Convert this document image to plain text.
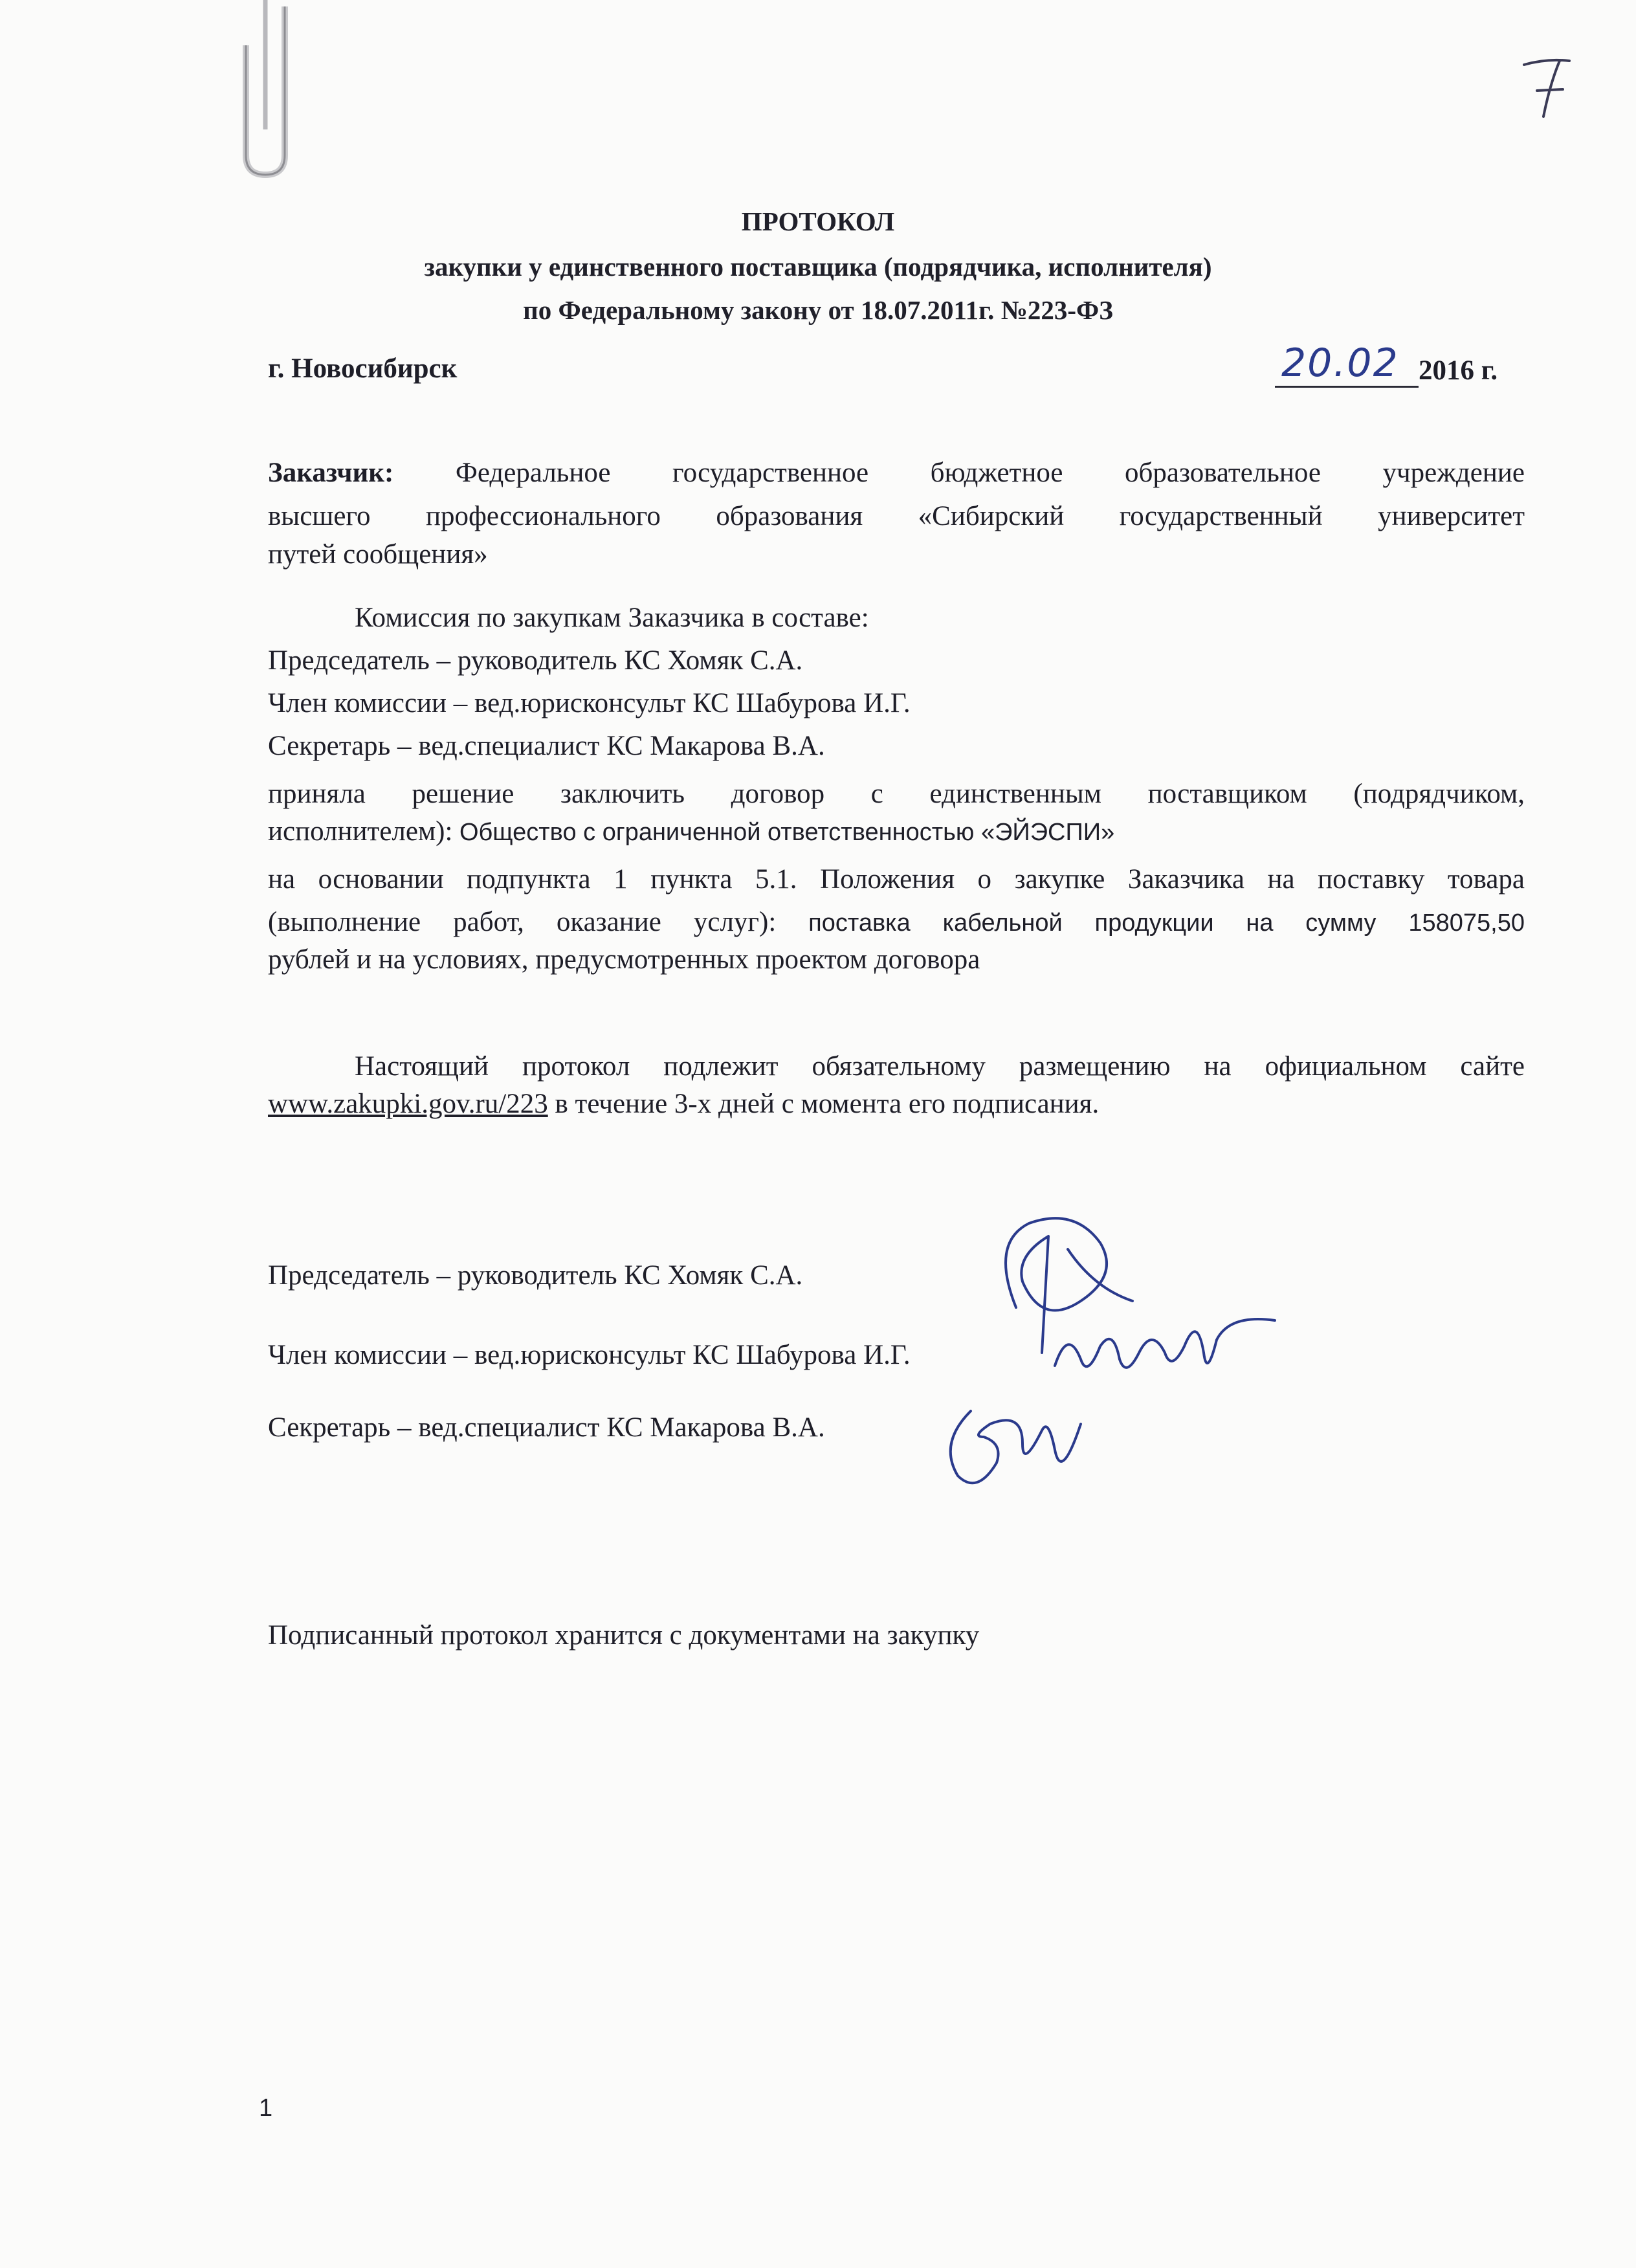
ПРОТОКОЛ
закупки у единственного поставщика (подрядчика, исполнителя)
по Федеральному закону от 18.07.2011г. №223-ФЗ
г. Новосибирск	20.02 2016 г.
Заказчик: Федеральное государственное бюджетное образовательное учреждение
высшего профессионального образования «Сибирский государственный университет
путей сообщения»
Комиссия по закупкам Заказчика в составе:
Председатель – руководитель КС Хомяк С.А.
Член комиссии – вед.юрисконсульт КС Шабурова И.Г.
Секретарь – вед.специалист КС Макарова В.А.
приняла решение заключить договор с единственным поставщиком (подрядчиком,
исполнителем): Общество с ограниченной ответственностью «ЭЙЭСПИ»
на основании подпункта 1 пункта 5.1. Положения о закупке Заказчика на поставку товара
(выполнение работ, оказание услуг): поставка кабельной продукции на сумму 158075,50
рублей и на условиях, предусмотренных проектом договора
Настоящий протокол подлежит обязательному размещению на официальном сайте
www.zakupki.gov.ru/223 в течение 3-х дней с момента его подписания.
Председатель – руководитель КС Хомяк С.А.
Член комиссии – вед.юрисконсульт КС Шабурова И.Г.
Секретарь – вед.специалист КС Макарова В.А.
Подписанный протокол хранится с документами на закупку
1
